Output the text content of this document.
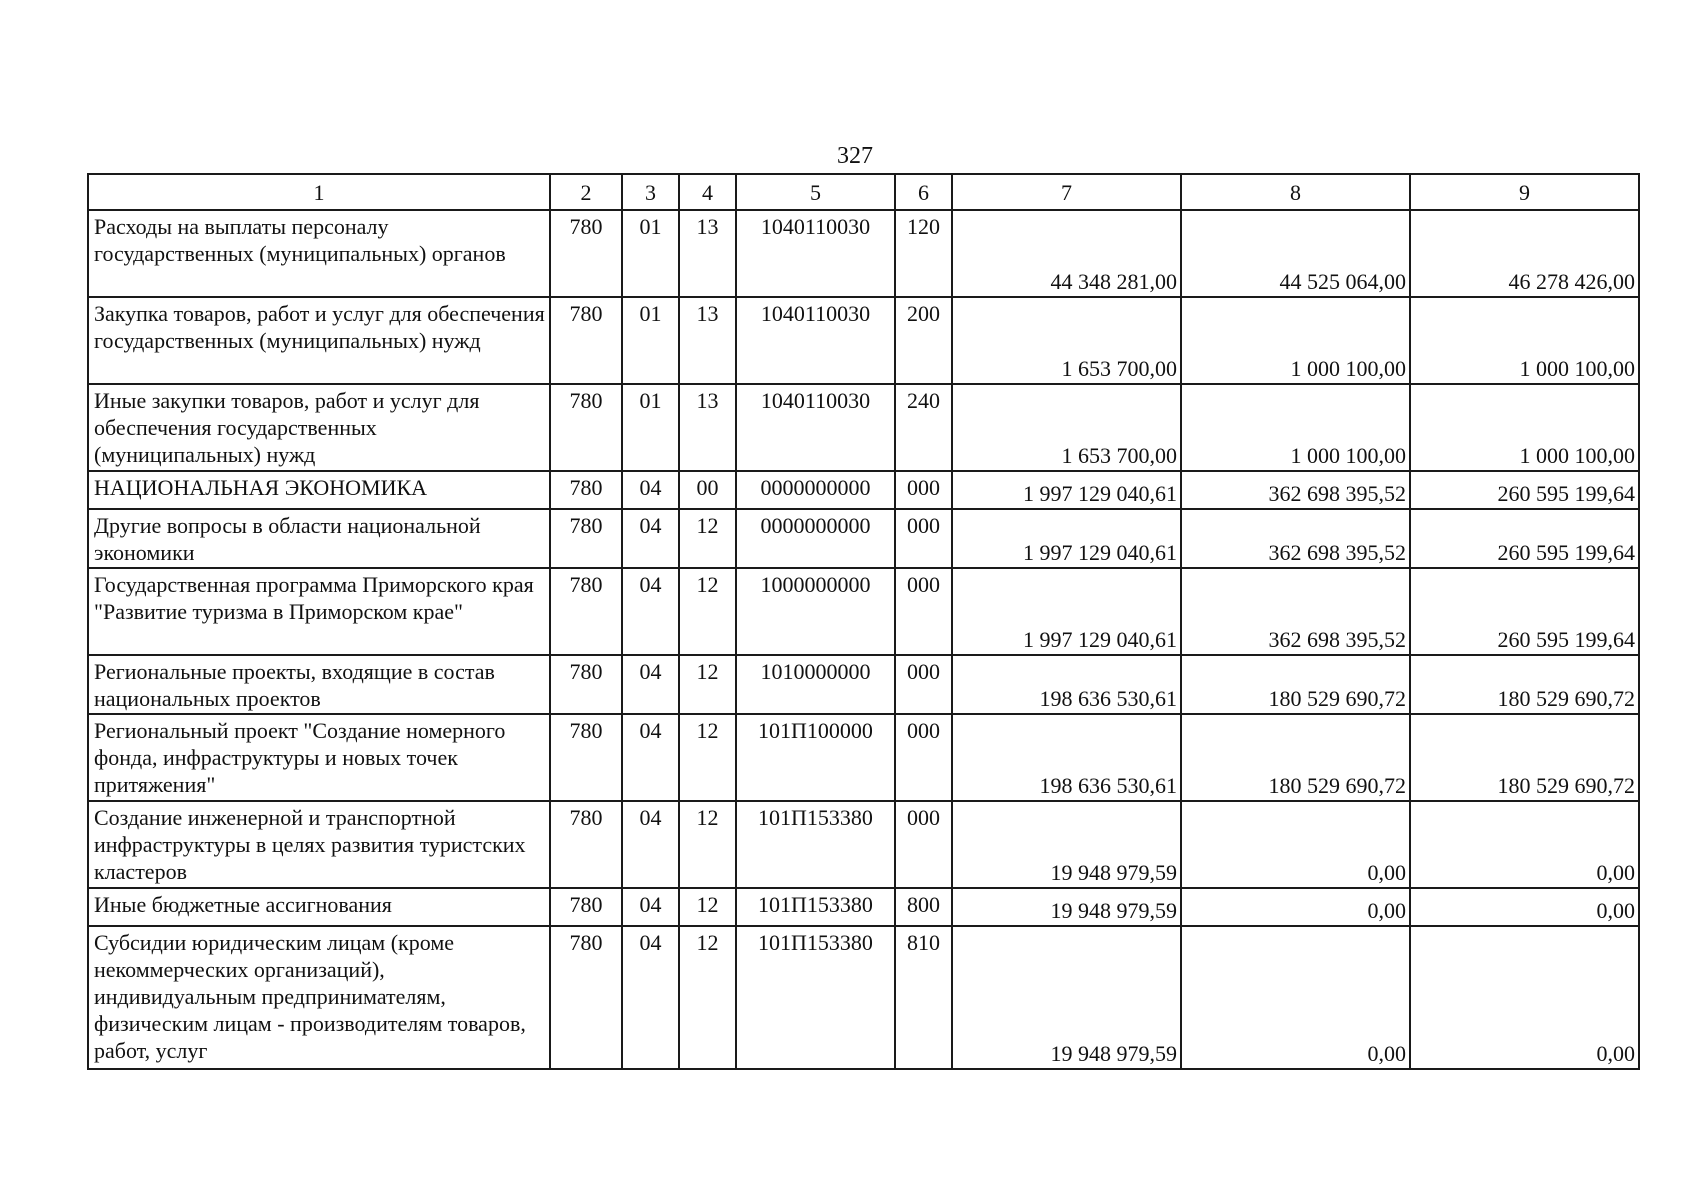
327
1	2	3	4	5	6	7	8	9
Расходы на выплаты персоналу государственных (муниципальных) органов	780	01	13	1040110030	120	44 348 281,00	44 525 064,00	46 278 426,00
Закупка товаров, работ и услуг для обеспечения государственных (муниципальных) нужд	780	01	13	1040110030	200	1 653 700,00	1 000 100,00	1 000 100,00
Иные закупки товаров, работ и услуг для обеспечения государственных (муниципальных) нужд	780	01	13	1040110030	240	1 653 700,00	1 000 100,00	1 000 100,00
НАЦИОНАЛЬНАЯ ЭКОНОМИКА	780	04	00	0000000000	000	1 997 129 040,61	362 698 395,52	260 595 199,64
Другие вопросы в области национальной экономики	780	04	12	0000000000	000	1 997 129 040,61	362 698 395,52	260 595 199,64
Государственная программа Приморского края "Развитие туризма в Приморском крае"	780	04	12	1000000000	000	1 997 129 040,61	362 698 395,52	260 595 199,64
Региональные проекты, входящие в состав национальных проектов	780	04	12	1010000000	000	198 636 530,61	180 529 690,72	180 529 690,72
Региональный проект "Создание номерного фонда, инфраструктуры и новых точек притяжения"	780	04	12	101П100000	000	198 636 530,61	180 529 690,72	180 529 690,72
Создание инженерной и транспортной инфраструктуры в целях развития туристских кластеров	780	04	12	101П153380	000	19 948 979,59	0,00	0,00
Иные бюджетные ассигнования	780	04	12	101П153380	800	19 948 979,59	0,00	0,00
Субсидии юридическим лицам (кроме некоммерческих организаций), индивидуальным предпринимателям, физическим лицам - производителям товаров, работ, услуг	780	04	12	101П153380	810	19 948 979,59	0,00	0,00
